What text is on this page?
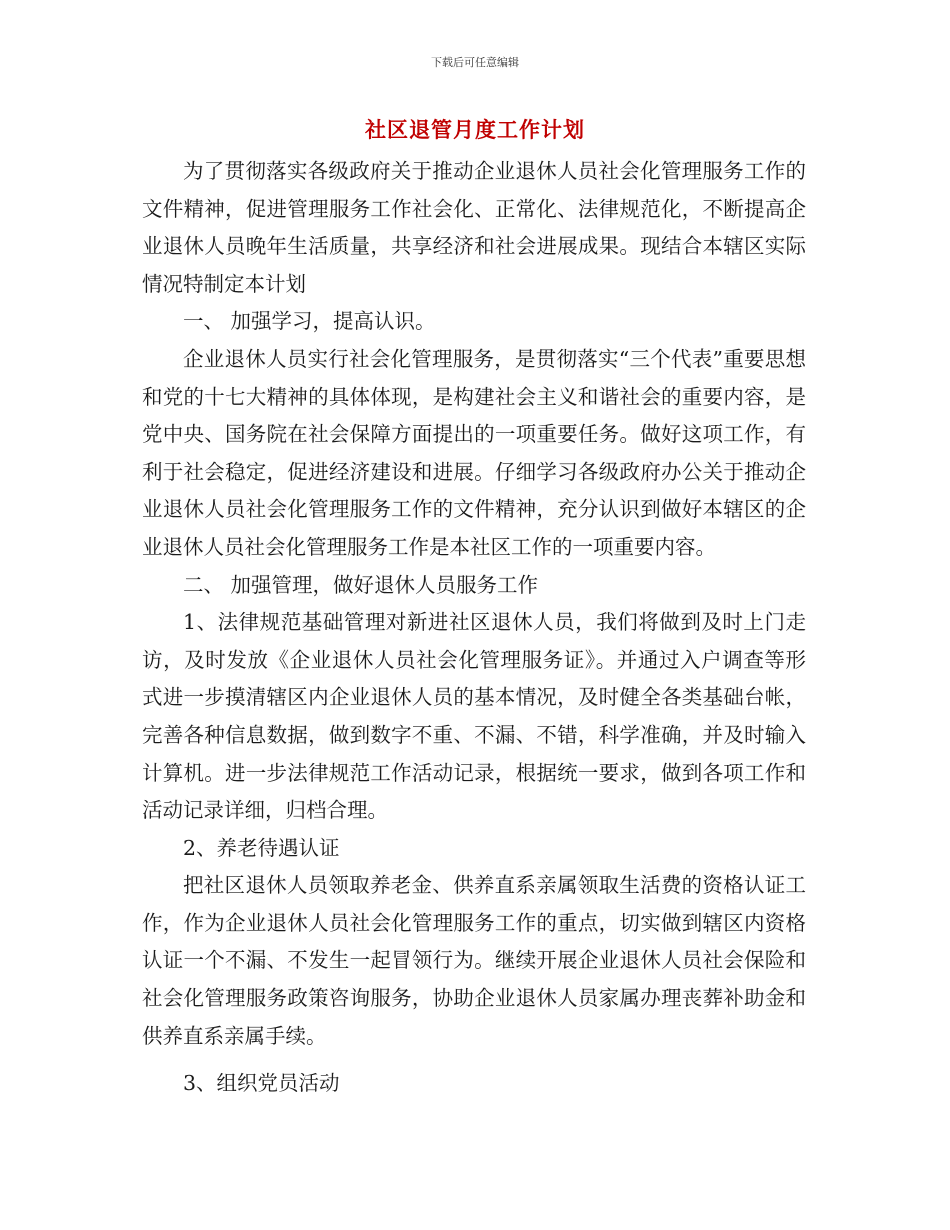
下载后可任意编辑
社区退管月度工作计划

为了贯彻落实各级政府关于推动企业退休人员社会化管理服务工作的文件精神，促进管理服务工作社会化、正常化、法律规范化，不断提高企业退休人员晚年生活质量，共享经济和社会进展成果。现结合本辖区实际情况特制定本计划

一、 加强学习，提高认识。

企业退休人员实行社会化管理服务，是贯彻落实“三个代表”重要思想和党的十七大精神的具体体现，是构建社会主义和谐社会的重要内容，是党中央、国务院在社会保障方面提出的一项重要任务。做好这项工作，有利于社会稳定，促进经济建设和进展。仔细学习各级政府办公关于推动企业退休人员社会化管理服务工作的文件精神，充分认识到做好本辖区的企业退休人员社会化管理服务工作是本社区工作的一项重要内容。

二、 加强管理，做好退休人员服务工作

1、法律规范基础管理对新进社区退休人员，我们将做到及时上门走访，及时发放《企业退休人员社会化管理服务证》。并通过入户调查等形式进一步摸清辖区内企业退休人员的基本情况，及时健全各类基础台帐，完善各种信息数据，做到数字不重、不漏、不错，科学准确，并及时输入计算机。进一步法律规范工作活动记录，根据统一要求，做到各项工作和活动记录详细，归档合理。

2、养老待遇认证

把社区退休人员领取养老金、供养直系亲属领取生活费的资格认证工作，作为企业退休人员社会化管理服务工作的重点，切实做到辖区内资格认证一个不漏、不发生一起冒领行为。继续开展企业退休人员社会保险和社会化管理服务政策咨询服务，协助企业退休人员家属办理丧葬补助金和供养直系亲属手续。

3、组织党员活动
